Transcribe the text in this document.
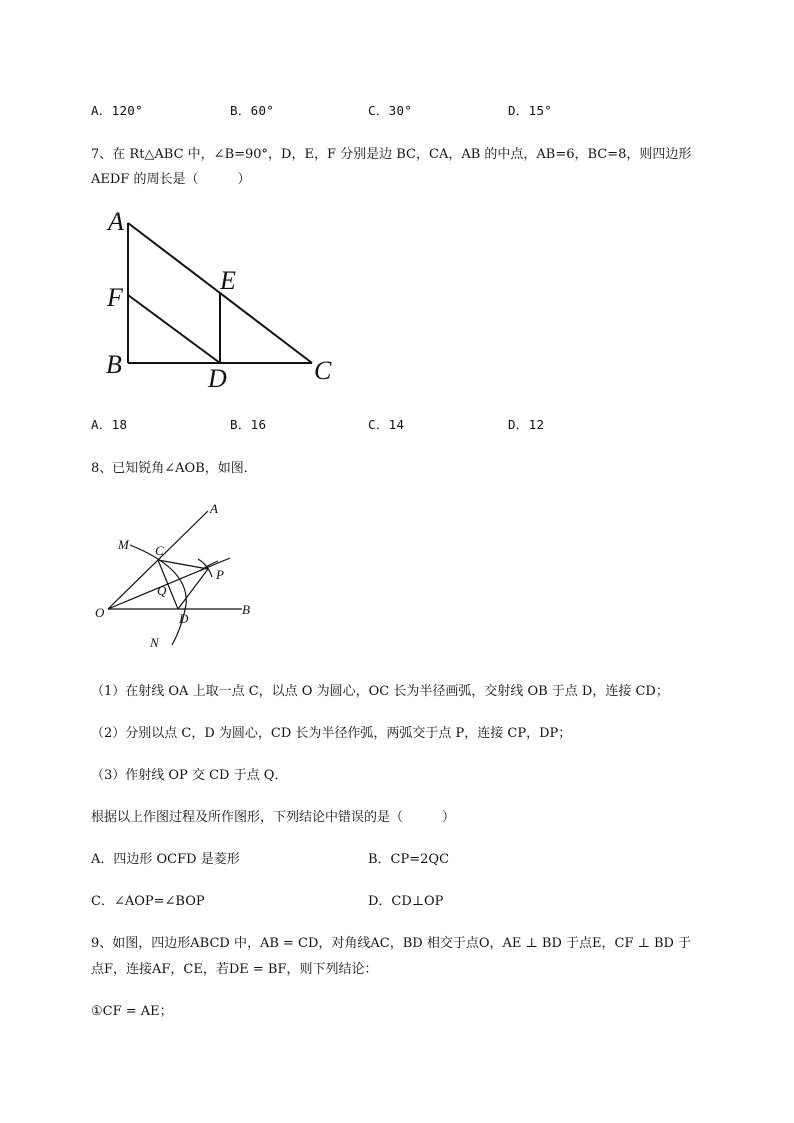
A．120°	B．60°	C．30°	D．15°
7、在 Rt△ABC 中，∠B=90°，D，E，F 分别是边 BC，CA，AB 的中点，AB=6，BC=8，则四边形
AEDF 的周长是（　　　）
A
F
B	D
E
C
A．18	B．16	C．14	D．12
8、已知锐角∠AOB，如图．
A
M C
P
Q
O	D
B
N
（1）在射线 OA 上取一点 C，以点 O 为圆心，OC 长为半径画弧，交射线 OB 于点 D，连接 CD；
（2）分别以点 C，D 为圆心，CD 长为半径作弧，两弧交于点 P，连接 CP，DP；
（3）作射线 OP 交 CD 于点 Q．
根据以上作图过程及所作图形，下列结论中错误的是（　　　）
A．四边形 OCFD 是菱形	B．CP=2QC
C．∠AOP=∠BOP	D．CD⊥OP
9、如图，四边形ABCD 中，AB = CD，对角线AC，BD 相交于点O，AE ⊥ BD 于点E，CF ⊥ BD 于
点F，连接AF，CE，若DE = BF，则下列结论：
①CF = AE；
